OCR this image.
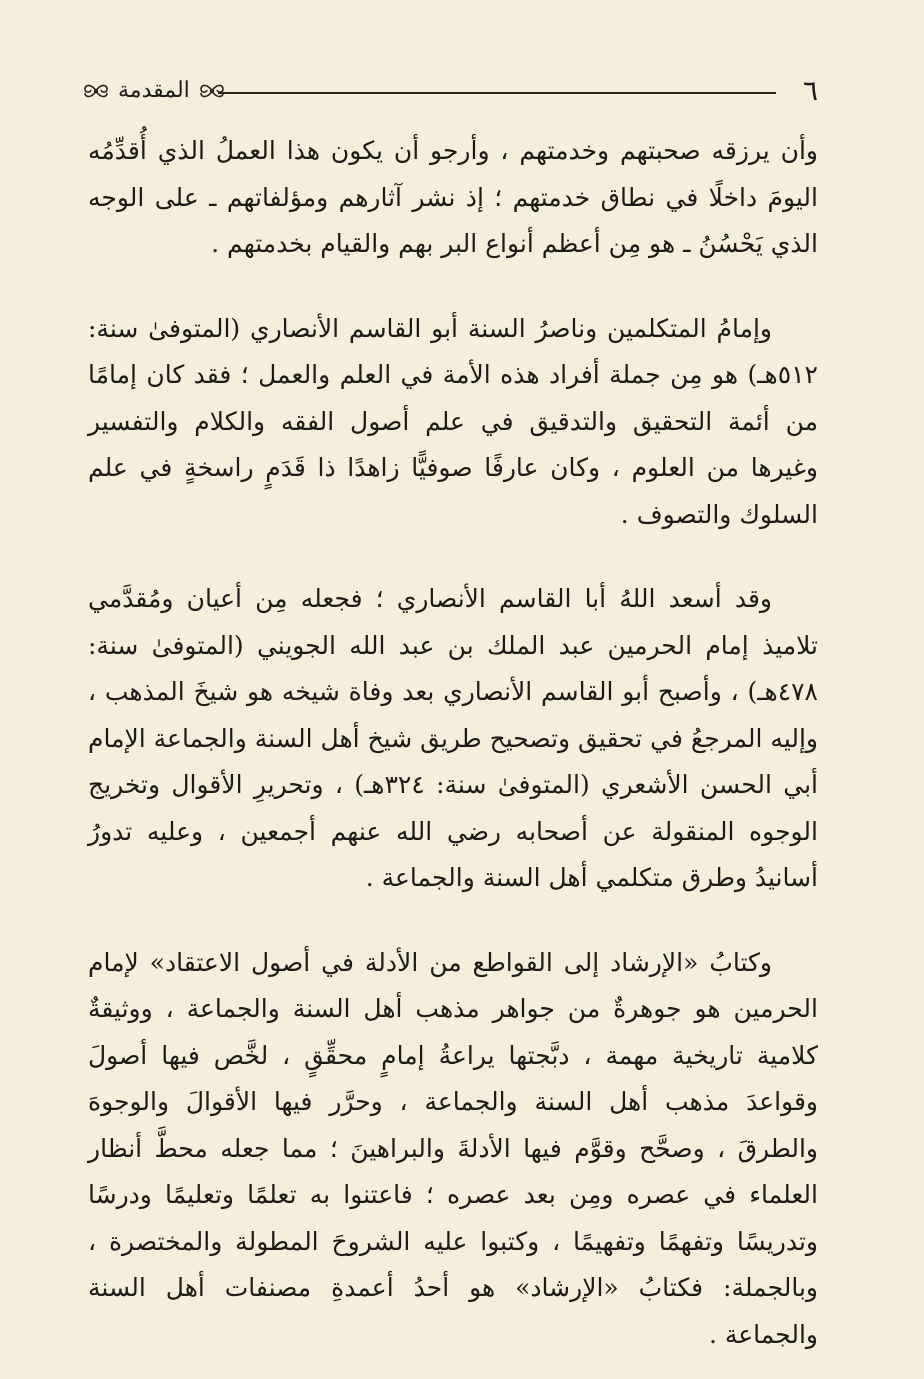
٦
المقدمة

وأن يرزقه صحبتهم وخدمتهم ، وأرجو أن يكون هذا العملُ الذي أُقدِّمُه اليومَ داخلًا في نطاق خدمتهم ؛ إذ نشر آثارهم ومؤلفاتهم ـ على الوجه الذي يَحْسُنُ ـ هو مِن أعظم أنواع البر بهم والقيام بخدمتهم .

وإمامُ المتكلمين وناصرُ السنة أبو القاسم الأنصاري (المتوفىٰ سنة: ٥١٢هـ) هو مِن جملة أفراد هذه الأمة في العلم والعمل ؛ فقد كان إمامًا من أئمة التحقيق والتدقيق في علم أصول الفقه والكلام والتفسير وغيرها من العلوم ، وكان عارفًا صوفيًّا زاهدًا ذا قَدَمٍ راسخةٍ في علم السلوك والتصوف .

وقد أسعد اللهُ أبا القاسم الأنصاري ؛ فجعله مِن أعيان ومُقدَّمي تلاميذ إمام الحرمين عبد الملك بن عبد الله الجويني (المتوفىٰ سنة: ٤٧٨هـ) ، وأصبح أبو القاسم الأنصاري بعد وفاة شيخه هو شيخَ المذهب ، وإليه المرجعُ في تحقيق وتصحيح طريق شيخ أهل السنة والجماعة الإمام أبي الحسن الأشعري (المتوفىٰ سنة: ٣٢٤هـ) ، وتحريرِ الأقوال وتخريج الوجوه المنقولة عن أصحابه رضي الله عنهم أجمعين ، وعليه تدورُ أسانيدُ وطرق متكلمي أهل السنة والجماعة .

وكتابُ «الإرشاد إلى القواطع من الأدلة في أصول الاعتقاد» لإمام الحرمين هو جوهرةٌ من جواهر مذهب أهل السنة والجماعة ، ووثيقةٌ كلامية تاريخية مهمة ، دبَّجتها يراعةُ إمامٍ محقِّقٍ ، لخَّص فيها أصولَ وقواعدَ مذهب أهل السنة والجماعة ، وحرَّر فيها الأقوالَ والوجوهَ والطرقَ ، وصحَّح وقوَّم فيها الأدلةَ والبراهينَ ؛ مما جعله محطَّ أنظار العلماء في عصره ومِن بعد عصره ؛ فاعتنوا به تعلمًا وتعليمًا ودرسًا وتدريسًا وتفهمًا وتفهيمًا ، وكتبوا عليه الشروحَ المطولة والمختصرة ، وبالجملة: فكتابُ «الإرشاد» هو أحدُ أعمدةِ مصنفات أهل السنة والجماعة .
